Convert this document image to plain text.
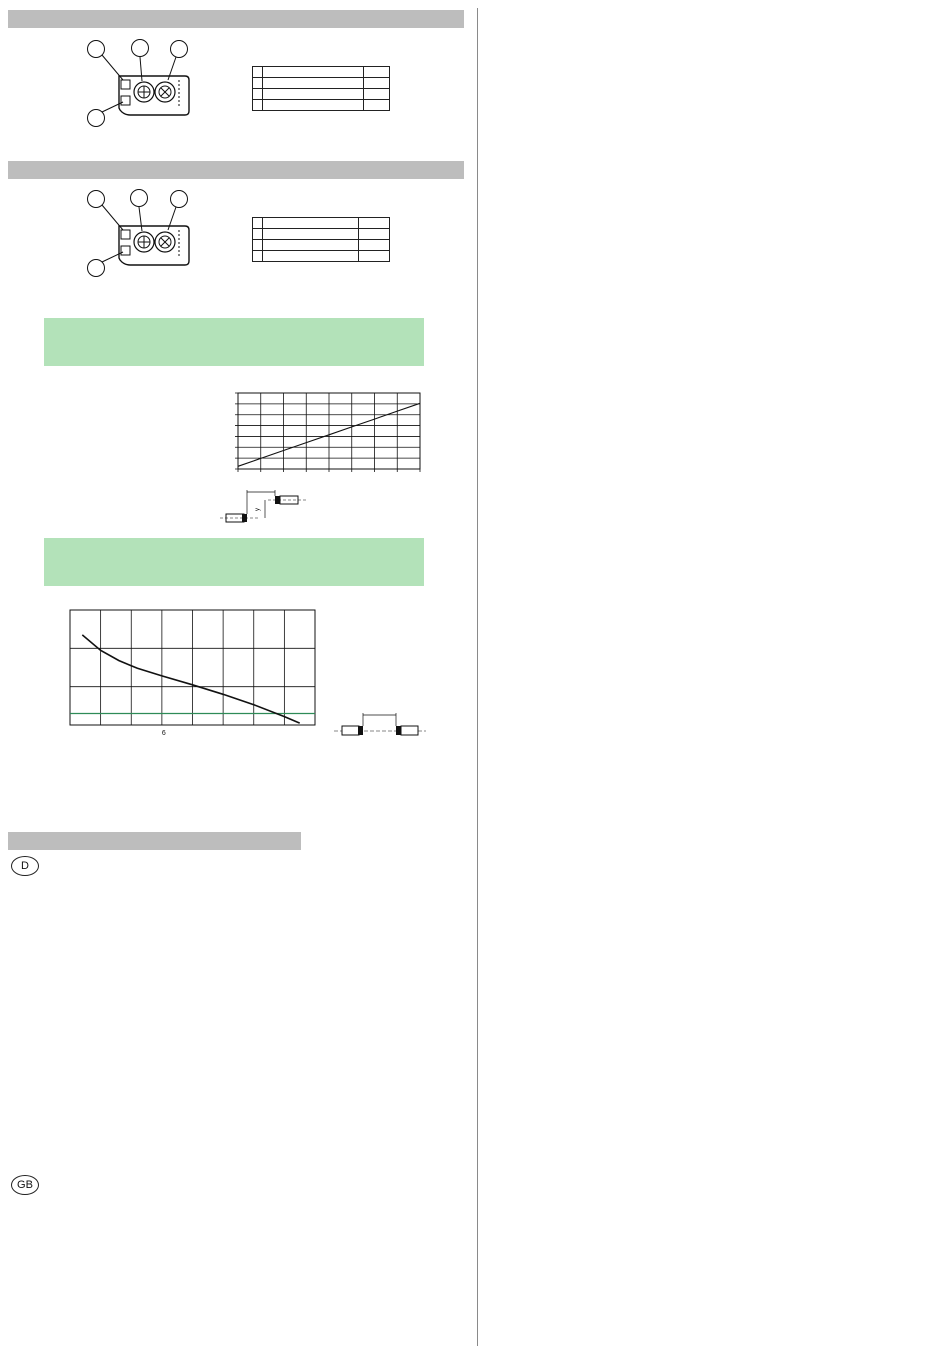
y
6
D
GB
